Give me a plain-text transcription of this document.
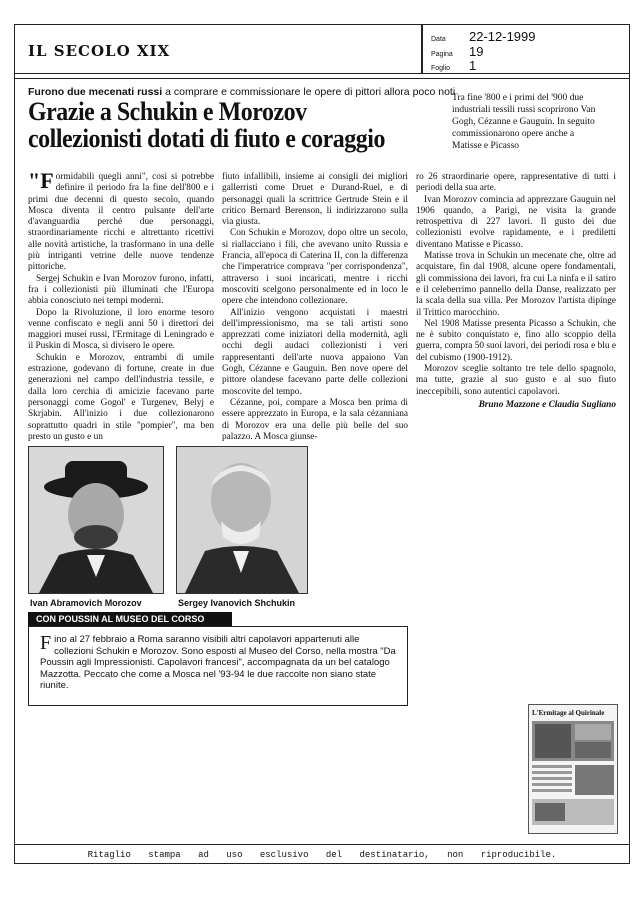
IL SECOLO XIX
Data	22-12-1999
Pagina	19
Foglio	1
Furono due mecenati russi a comprare e commissionare le opere di pittori allora poco noti
Grazie a Schukin e Morozov
collezionisti dotati di fiuto e coraggio
Tra fine '800 e i primi del '900 due industriali tessili russi scoprirono Van Gogh, Cézanne e Gauguin. In seguito commissionarono opere anche a Matisse e Picasso

"Formidabili quegli anni", così si potrebbe definire il periodo fra la fine dell'800 e i primi due decenni di questo secolo, quando Mosca diventa il centro pulsante dell'arte d'avanguardia perché due personaggi, straordinariamente ricchi e altrettanto ricettivi alle novità artistiche, la trasformano in una delle più intriganti vetrine delle nuove tendenze pittoriche.

Sergej Schukin e Ivan Morozov furono, infatti, fra i collezionisti più illuminati che l'Europa abbia conosciuto nei tempi moderni.

Dopo la Rivoluzione, il loro enorme tesoro venne confiscato e negli anni 50 i direttori dei maggiori musei russi, l'Ermitage di Leningrado e il Puskin di Mosca, si divisero le opere.

Schukin e Morozov, entrambi di umile estrazione, godevano di fortune, create in due generazioni nel campo dell'industria tessile, e dalla loro cerchia di amicizie facevano parte personaggi come Gogol' e Turgenev, Belyj e Skrjabin. All'inizio i due collezionarono soprattutto quadri in stile "pompier", ma ben presto un gusto e un

fiuto infallibili, insieme ai consigli dei migliori gallerristi come Druet e Durand-Ruel, e di personaggi quali la scrittrice Gertrude Stein e il critico Bernard Berenson, li indirizzarono sulla via giusta.

Con Schukin e Morozov, dopo oltre un secolo, si riallacciano i fili, che avevano unito Russia e Francia, all'epoca di Caterina II, con la differenza che l'imperatrice comprava "per corrispondenza", attraverso i suoi incaricati, mentre i ricchi moscoviti scelgono personalmente ed in loco le opere che intendono collezionare.

All'inizio vengono acquistati i maestri dell'impressionismo, ma se tali artisti sono apprezzati come iniziatori della modernità, agli occhi degli audaci collezionisti i veri rappresentanti dell'arte nuova appaiono Van Gogh, Cézanne e Gauguin. Ben nove opere del pittore olandese facevano parte delle collezioni moscovite del tempo.

Cézanne, poi, compare a Mosca ben prima di essere apprezzato in Europa, e la sala cézanniana di Morozov era una delle più belle del suo palazzo. A Mosca giunse-

ro 26 straordinarie opere, rappresentative di tutti i periodi della sua arte.

Ivan Morozov comincia ad apprezzare Gauguin nel 1906 quando, a Parigi, ne visita la grande retrospettiva di 227 lavori. Il gusto dei due collezionisti evolve rapidamente, e i prediletti diventano Matisse e Picasso.

Matisse trova in Schukin un mecenate che, oltre ad acquistare, fin dal 1908, alcune opere fondamentali, gli commissiona dei lavori, fra cui La ninfa e il satiro e il celeberrimo pannello della Danse, realizzato per la scala della sua villa. Per Morozov l'artista dipinge il Trittico marocchino.

Nel 1908 Matisse presenta Picasso a Schukin, che ne è subito conquistato e, fino allo scoppio della guerra, compra 50 suoi lavori, dei periodi rosa e blu e del cubismo (1900-1912).

Morozov sceglie soltanto tre tele dello spagnolo, ma tutte, grazie al suo gusto e al suo fiuto ineccepibili, sono autentici capolavori.

Bruno Mazzone e Claudia Sugliano
Ivan Abramovich Morozov	Sergey Ivanovich Shchukin
CON POUSSIN AL MUSEO DEL CORSO
Fino al 27 febbraio a Roma saranno visibili altri capolavori appartenuti alle collezioni Schukin e Morozov. Sono esposti al Museo del Corso, nella mostra "Da Poussin agli Impressionisti. Capolavori francesi", accompagnata da un bel catalogo Mazzotta. Peccato che come a Mosca nel '93-94 le due raccolte non siano state riunite.
L'Ermitage al Quirinale
Ritaglio stampa ad uso esclusivo del destinatario, non riproducibile.
